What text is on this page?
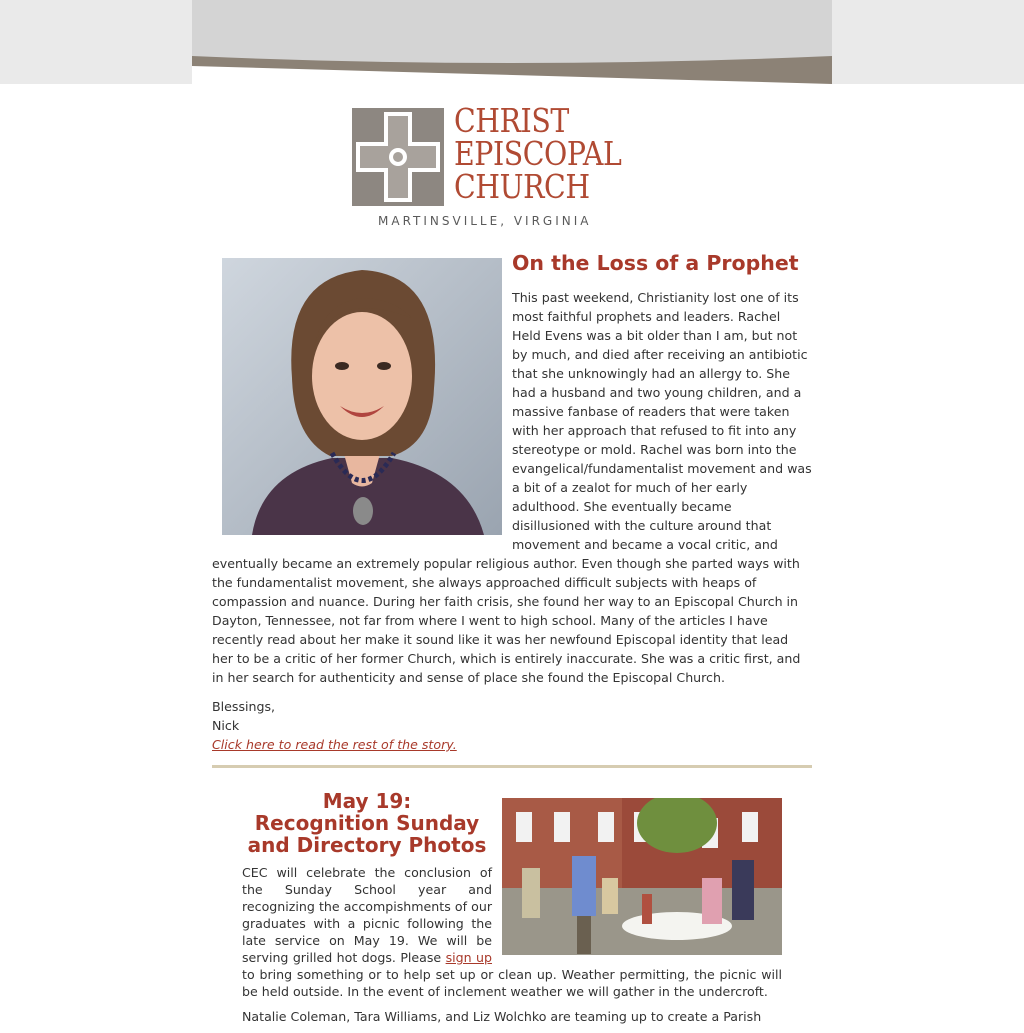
CHRIST
EPISCOPAL
CHURCH
MARTINSVILLE, VIRGINIA
On the Loss of a Prophet

This past weekend, Christianity lost one of its most faithful prophets and leaders. Rachel Held Evens was a bit older than I am, but not by much, and died after receiving an antibiotic that she unknowingly had an allergy to. She had a husband and two young children, and a massive fanbase of readers that were taken with her approach that refused to fit into any stereotype or mold. Rachel was born into the evangelical/fundamentalist movement and was a bit of a zealot for much of her early adulthood. She eventually became disillusioned with the culture around that movement and became a vocal critic, and eventually became an extremely popular religious author. Even though she parted ways with the fundamentalist movement, she always approached difficult subjects with heaps of compassion and nuance. During her faith crisis, she found her way to an Episcopal Church in Dayton, Tennessee, not far from where I went to high school. Many of the articles I have recently read about her make it sound like it was her newfound Episcopal identity that lead her to be a critic of her former Church, which is entirely inaccurate. She was a critic first, and in her search for authenticity and sense of place she found the Episcopal Church.

Blessings,

Nick

Click here to read the rest of the story.

May 19:
Recognition Sunday
and Directory Photos

CEC will celebrate the conclusion of the Sunday School year and recognizing the accompishments of our graduates with a picnic following the late service on May 19. We will be serving grilled hot dogs. Please sign up to bring something or to help set up or clean up. Weather permitting, the picnic will be held outside. In the event of inclement weather we will gather in the undercroft.

Natalie Coleman, Tara Williams, and Liz Wolchko are teaming up to create a Parish
